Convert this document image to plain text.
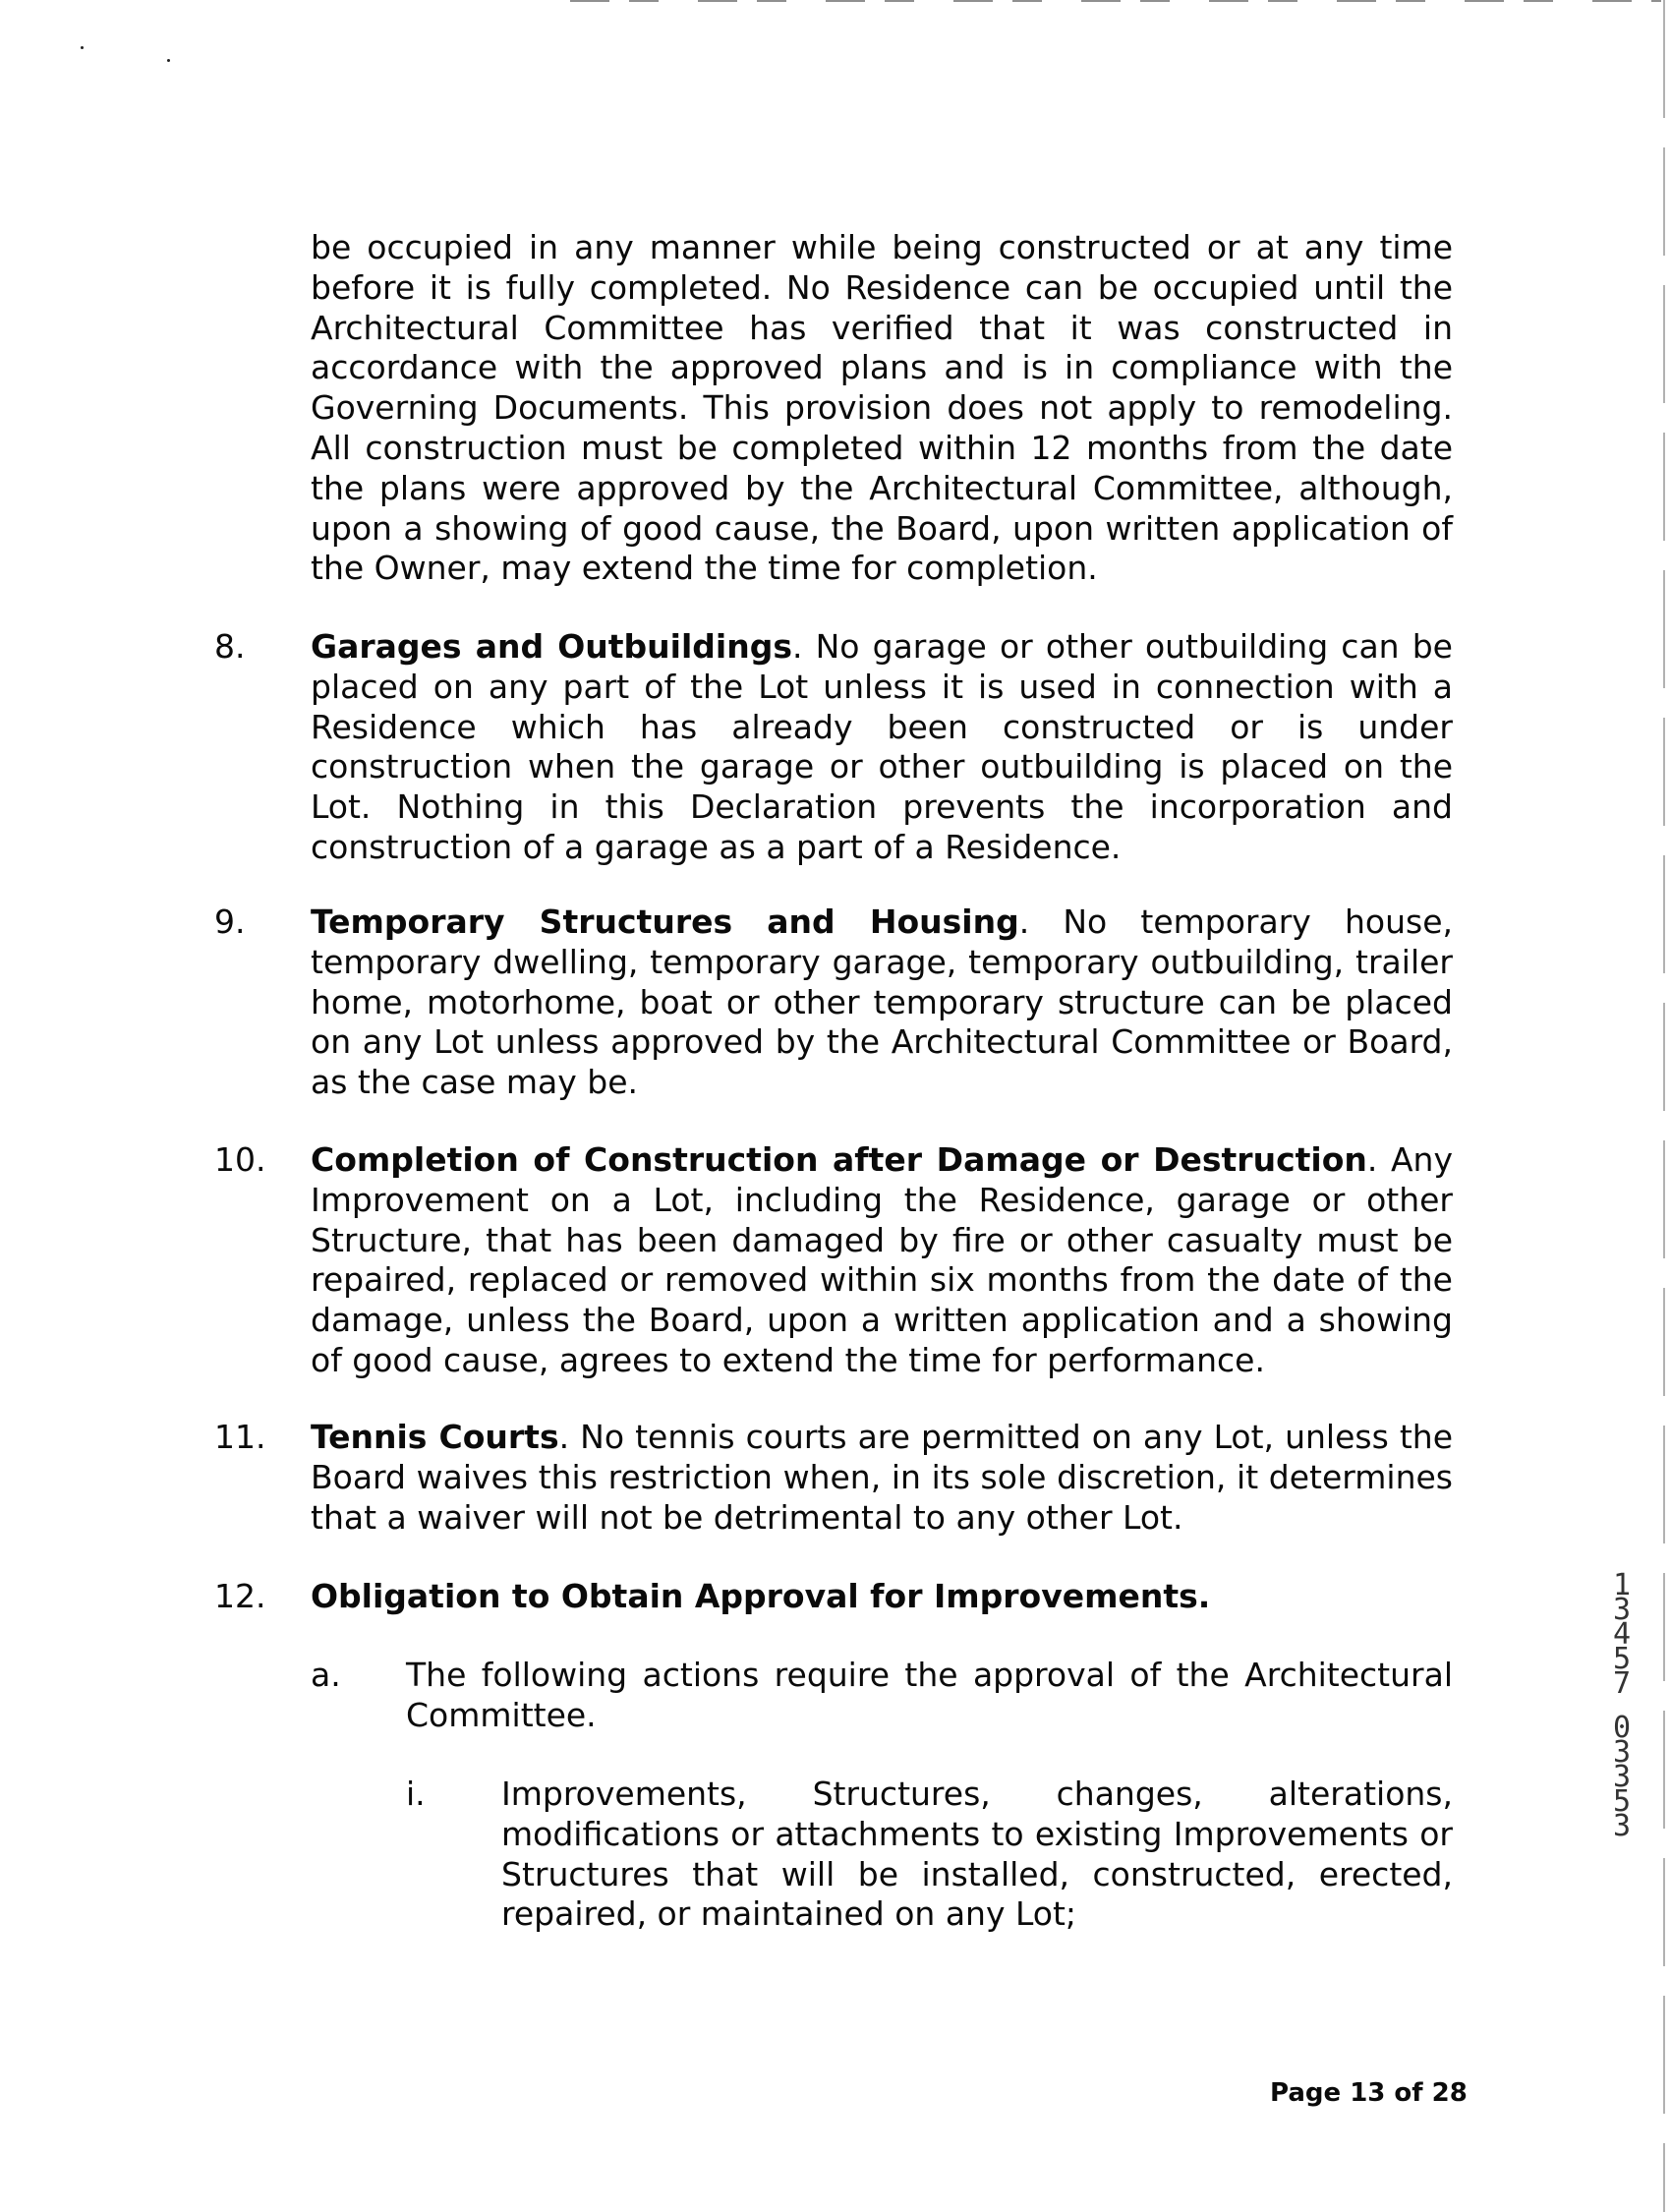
be occupied in any manner while being constructed or at any time before it is fully completed. No Residence can be occupied until the Architectural Committee has verified that it was constructed in accordance with the approved plans and is in compliance with the Governing Documents. This provision does not apply to remodeling. All construction must be completed within 12 months from the date the plans were approved by the Architectural Committee, although, upon a showing of good cause, the Board, upon written application of the Owner, may extend the time for completion.

8. Garages and Outbuildings. No garage or other outbuilding can be placed on any part of the Lot unless it is used in connection with a Residence which has already been constructed or is under construction when the garage or other outbuilding is placed on the Lot. Nothing in this Declaration prevents the incorporation and construction of a garage as a part of a Residence.

9. Temporary Structures and Housing. No temporary house, temporary dwelling, temporary garage, temporary outbuilding, trailer home, motorhome, boat or other temporary structure can be placed on any Lot unless approved by the Architectural Committee or Board, as the case may be.

10. Completion of Construction after Damage or Destruction. Any Improvement on a Lot, including the Residence, garage or other Structure, that has been damaged by fire or other casualty must be repaired, replaced or removed within six months from the date of the damage, unless the Board, upon a written application and a showing of good cause, agrees to extend the time for performance.

11. Tennis Courts. No tennis courts are permitted on any Lot, unless the Board waives this restriction when, in its sole discretion, it determines that a waiver will not be detrimental to any other Lot.

12. Obligation to Obtain Approval for Improvements.

a. The following actions require the approval of the Architectural Committee.

i. Improvements, Structures, changes, alterations, modifications or attachments to existing Improvements or Structures that will be installed, constructed, erected, repaired, or maintained on any Lot;

1
3
4
5
7
0
3
3
5
3
Page 13 of 28
